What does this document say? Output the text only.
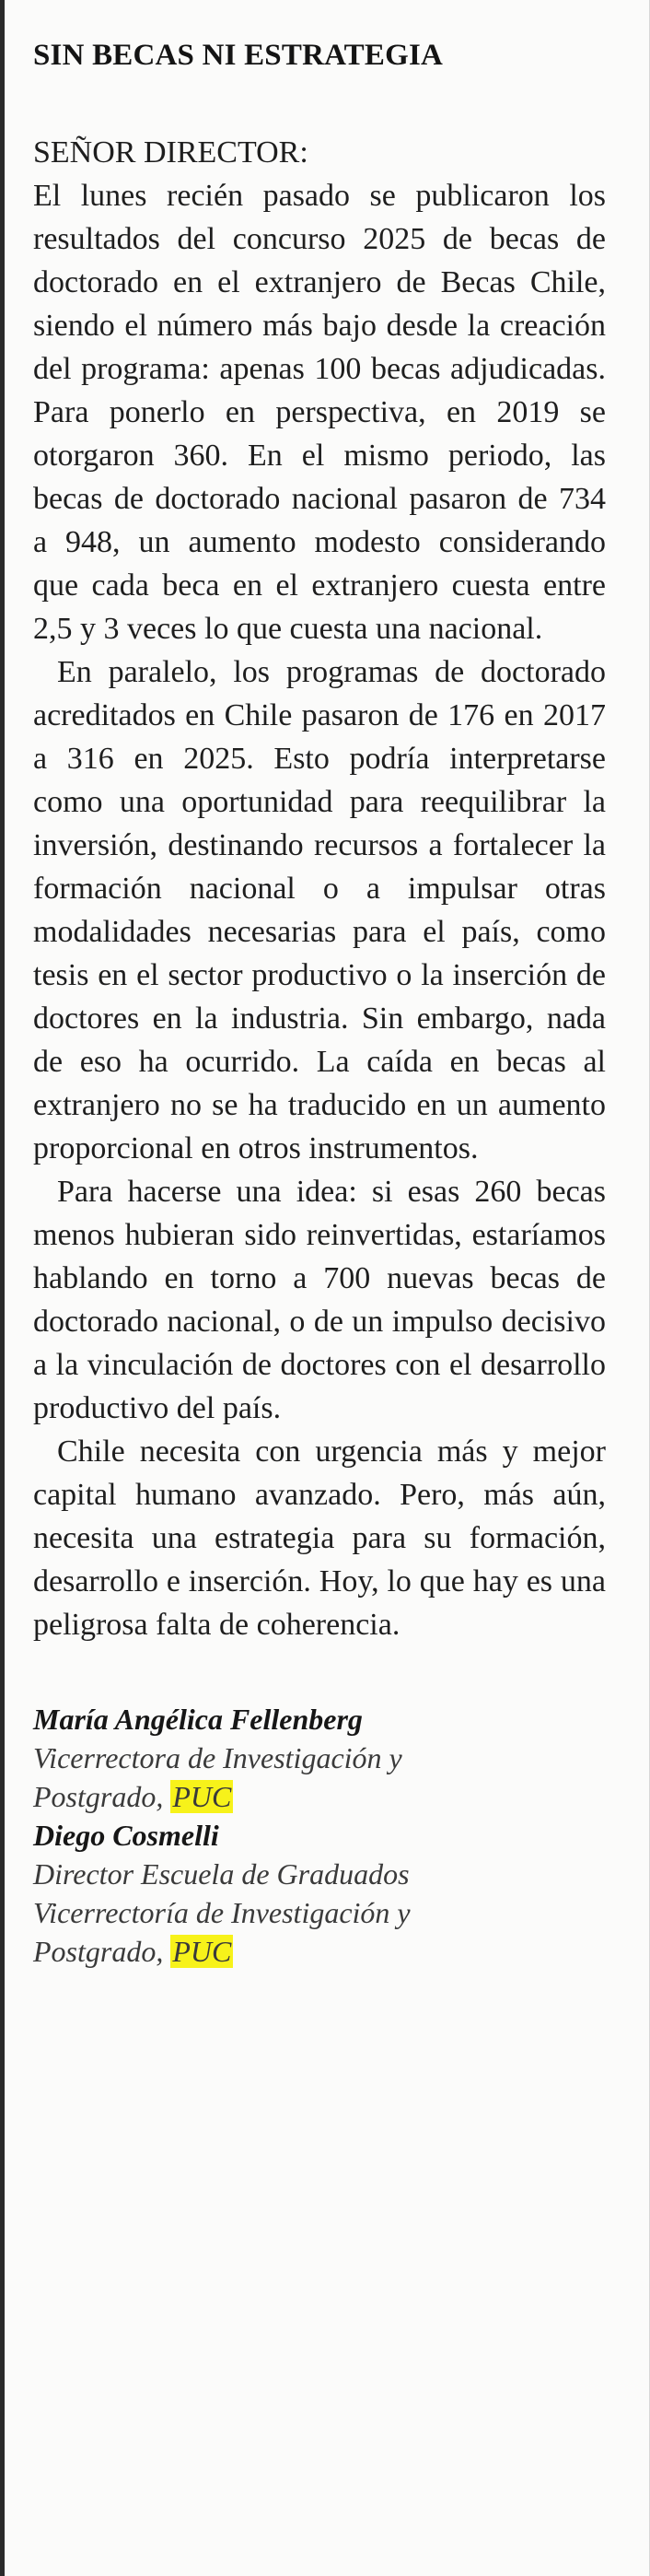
SIN BECAS NI ESTRATEGIA

SEÑOR DIRECTOR:

El lunes recién pasado se publicaron los resultados del concurso 2025 de becas de doctorado en el extranjero de Becas Chile, siendo el número más bajo desde la creación del programa: apenas 100 becas adjudicadas. Para ponerlo en perspectiva, en 2019 se otorgaron 360. En el mismo periodo, las becas de doctorado nacional pasaron de 734 a 948, un aumento modesto considerando que cada beca en el extranjero cuesta entre 2,5 y 3 veces lo que cuesta una nacional.

En paralelo, los programas de doctorado acreditados en Chile pasaron de 176 en 2017 a 316 en 2025. Esto podría interpretarse como una oportunidad para reequilibrar la inversión, destinando recursos a fortalecer la formación nacional o a impulsar otras modalidades necesarias para el país, como tesis en el sector productivo o la inserción de doctores en la industria. Sin embargo, nada de eso ha ocurrido. La caída en becas al extranjero no se ha traducido en un aumento proporcional en otros instrumentos.

Para hacerse una idea: si esas 260 becas menos hubieran sido reinvertidas, estaríamos hablando en torno a 700 nuevas becas de doctorado nacional, o de un impulso decisivo a la vinculación de doctores con el desarrollo productivo del país.

Chile necesita con urgencia más y mejor capital humano avanzado. Pero, más aún, necesita una estrategia para su formación, desarrollo e inserción. Hoy, lo que hay es una peligrosa falta de coherencia.

María Angélica Fellenberg

Vicerrectora de Investigación y

Postgrado, PUC

Diego Cosmelli

Director Escuela de Graduados

Vicerrectoría de Investigación y

Postgrado, PUC
